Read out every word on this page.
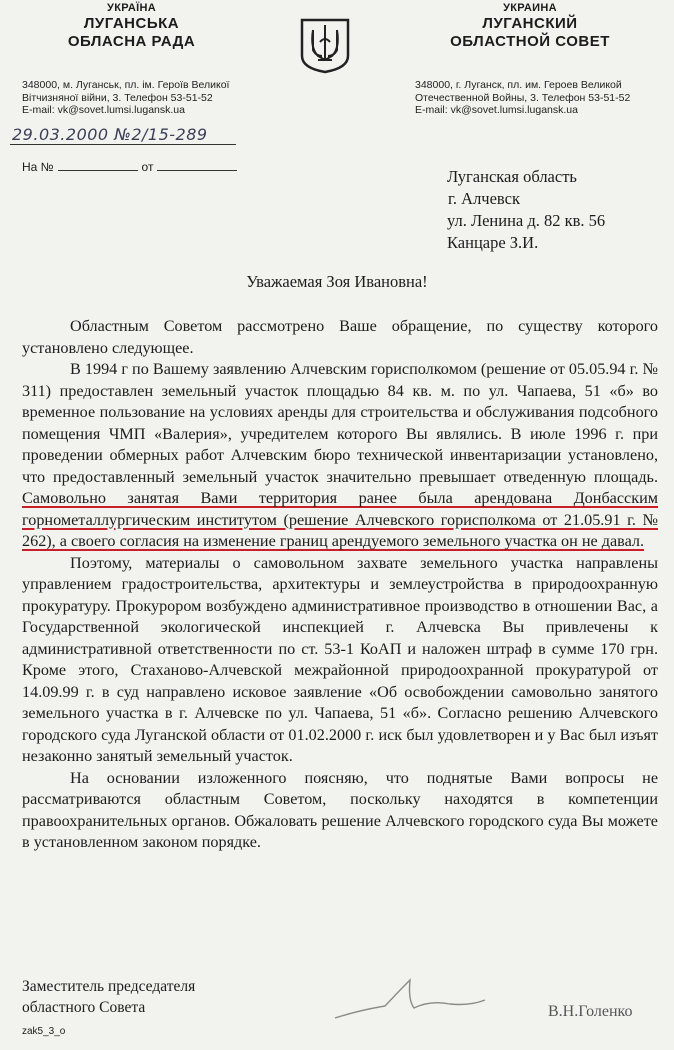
УКРАЇНА
ЛУГАНСЬКА
ОБЛАСНА РАДА
УКРАИНА
ЛУГАНСКИЙ
ОБЛАСТНОЙ СОВЕТ
348000, м. Луганськ, пл. ім. Героїв Великої
Вітчизняної війни, 3. Телефон 53-51-52
E-mail: vk@sovet.lumsi.lugansk.ua
348000, г. Луганск, пл. им. Героев Великой
Отечественной Войны, 3. Телефон 53-51-52
E-mail: vk@sovet.lumsi.lugansk.ua
29.03.2000 №2/15-289
На №	от	Луганская область
г. Алчевск
ул. Ленина д. 82 кв. 56
Канцаре З.И.
Уважаемая Зоя Ивановна!

Областным Советом рассмотрено Ваше обращение, по существу которого установлено следующее.

В 1994 г по Вашему заявлению Алчевским горисполкомом (решение от 05.05.94 г. № 311) предоставлен земельный участок площадью 84 кв. м. по ул. Чапаева, 51 «б» во временное пользование на условиях аренды для строительства и обслуживания подсобного помещения ЧМП «Валерия», учредителем которого Вы являлись. В июле 1996 г. при проведении обмерных работ Алчевским бюро технической инвентаризации установлено, что предоставленный земельный участок значительно превышает отведенную площадь. Самовольно занятая Вами территория ранее была арендована Донбасским горнометаллургическим институтом (решение Алчевского горисполкома от 21.05.91 г. № 262), а своего согласия на изменение границ арендуемого земельного участка он не давал.

Поэтому, материалы о самовольном захвате земельного участка направлены управлением градостроительства, архитектуры и землеустройства в природоохранную прокуратуру. Прокурором возбуждено административное производство в отношении Вас, а Государственной экологической инспекцией г. Алчевска Вы привлечены к административной ответственности по ст. 53-1 КоАП и наложен штраф в сумме 170 грн. Кроме этого, Стаханово-Алчевской межрайонной природоохранной прокуратурой от 14.09.99 г. в суд направлено исковое заявление «Об освобождении самовольно занятого земельного участка в г. Алчевске по ул. Чапаева, 51 «б». Согласно решению Алчевского городского суда Луганской области от 01.02.2000 г. иск был удовлетворен и у Вас был изъят незаконно занятый земельный участок.

На основании изложенного поясняю, что поднятые Вами вопросы не рассматриваются областным Советом, поскольку находятся в компетенции правоохранительных органов. Обжаловать решение Алчевского городского суда Вы можете в установленном законом порядке.

Заместитель председателя
областного Совета	В.Н.Голенко
zak5_3_o
